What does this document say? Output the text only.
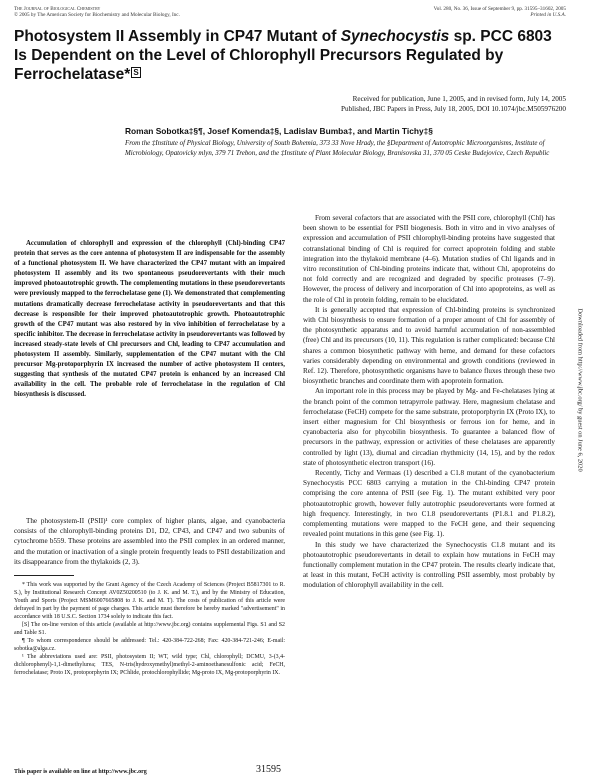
The Journal of Biological Chemistry
© 2005 by The American Society for Biochemistry and Molecular Biology, Inc.
Vol. 280, No. 36, Issue of September 9, pp. 31595–31602, 2005
Printed in U.S.A.
Photosystem II Assembly in CP47 Mutant of Synechocystis sp. PCC 6803 Is Dependent on the Level of Chlorophyll Precursors Regulated by Ferrochelatase* S
Received for publication, June 1, 2005, and in revised form, July 14, 2005
Published, JBC Papers in Press, July 18, 2005, DOI 10.1074/jbc.M505976200
Roman Sobotka‡§¶, Josef Komenda‡§, Ladislav Bumba‡, and Martin Tichy‡§
From the ‡Institute of Physical Biology, University of South Bohemia, 373 33 Nove Hrady, the §Department of Autotrophic Microorganisms, Institute of Microbiology, Opatovicky mlyn, 379 71 Trebon, and the ‡Institute of Plant Molecular Biology, Branisovska 31, 370 05 Ceske Budejovice, Czech Republic

Accumulation of chlorophyll and expression of the chlorophyll (Chl)-binding CP47 protein that serves as the core antenna of photosystem II are indispensable for the assembly of a functional photosystem II. We have characterized the CP47 mutant with an impaired photosystem II assembly and its two spontaneous pseudorevertants with their much improved photoautotrophic growth. The complementing mutations in these pseudorevertants were previously mapped to the ferrochelatase gene (1). We demonstrated that complementing mutations dramatically decrease ferrochelatase activity in pseudorevertants and that this decrease is responsible for their improved photoautotrophic growth. Photoautotrophic growth of the CP47 mutant was also restored by in vivo inhibition of ferrochelatase by a specific inhibitor. The decrease in ferrochelatase activity in pseudorevertants was followed by increased steady-state levels of Chl precursors and Chl, leading to CP47 accumulation and photosystem II assembly. Similarly, supplementation of the CP47 mutant with the Chl precursor Mg-protoporphyrin IX increased the number of active photosystem II centers, suggesting that synthesis of the mutated CP47 protein is enhanced by an increased Chl availability in the cell. The probable role of ferrochelatase in the regulation of Chl biosynthesis is discussed.

The photosystem-II (PSII)¹ core complex of higher plants, algae, and cyanobacteria consists of the chlorophyll-binding proteins D1, D2, CP43, and CP47 and two subunits of cytochrome b559. These proteins are assembled into the PSII complex in an ordered manner, and the mutation or inactivation of a single protein frequently leads to PSII destabilization and its disappearance from the thylakoids (2, 3).

* This work was supported by the Grant Agency of the Czech Academy of Sciences (Project B5817301 to R. S.), by Institutional Research Concept AV0Z50200510 (to J. K. and M. T.), and by the Ministry of Education, Youth and Sports (Project MSM6007665808 to J. K. and M. T). The costs of publication of this article were defrayed in part by the payment of page charges. This article must therefore be hereby marked "advertisement" in accordance with 18 U.S.C. Section 1734 solely to indicate this fact.

[S] The on-line version of this article (available at http://www.jbc.org) contains supplemental Figs. S1 and S2 and Table S1.

¶ To whom correspondence should be addressed: Tel.: 420-384-722-268; Fax: 420-384-721-246; E-mail: sobotka@alga.cz.

¹ The abbreviations used are: PSII, photosystem II; WT, wild type; Chl, chlorophyll; DCMU, 3-(3,4-dichlorophenyl)-1,1-dimethylurea; TES, N-tris(hydroxymethyl)methyl-2-aminoethanesulfonic acid; FeCH, ferrochelatase; Proto IX, protoporphyrin IX; PChlide, protochlorophyllide; Mg-proto IX, Mg-protoporphyrin IX.

From several cofactors that are associated with the PSII core, chlorophyll (Chl) has been shown to be essential for PSII biogenesis. Both in vitro and in vivo analyses of expression and accumulation of PSII chlorophyll-binding proteins have suggested that cotranslational binding of Chl is required for correct apoprotein folding and stable integration into the thylakoid membrane (4–6). Mutation studies of Chl ligands and in vitro reconstitution of Chl-binding proteins indicate that, without Chl, apoproteins do not fold correctly and are recognized and degraded by specific proteases (7–9). However, the process of delivery and incorporation of Chl into apoproteins, as well as the role of Chl in protein folding, remain to be elucidated.

It is generally accepted that expression of Chl-binding proteins is synchronized with Chl biosynthesis to ensure formation of a proper amount of Chl for assembly of the photosynthetic apparatus and to avoid harmful accumulation of non-assembled (free) Chl and its precursors (10, 11). This regulation is rather complicated: because Chl shares a common biosynthetic pathway with heme, and demand for these cofactors varies considerably depending on environmental and growth conditions (reviewed in Ref. 12). Therefore, photosynthetic organisms have to balance fluxes through these two biosynthetic branches and coordinate them with apoprotein formation.

An important role in this process may be played by Mg- and Fe-chelatases lying at the branch point of the common tetrapyrrole pathway. Here, magnesium chelatase and ferrochelatase (FeCH) compete for the same substrate, protoporphyrin IX (Proto IX), to insert either magnesium for Chl biosynthesis or ferrous ion for heme, and in cyanobacteria also for phycobilin biosynthesis. To guarantee a balanced flow of precursors in the pathway, expression or activities of these chelatases are apparently controlled by light (13), diurnal and circadian rhythmicity (14, 15), and by the redox state of photosynthetic electron transport (16).

Recently, Tichy and Vermaas (1) described a C1.8 mutant of the cyanobacterium Synechocystis PCC 6803 carrying a mutation in the Chl-binding CP47 protein comprising the core antenna of PSII (see Fig. 1). The mutant exhibited very poor photoautotrophic growth, however fully autotrophic pseudorevertants were formed at high frequency. Interestingly, in two C1.8 pseudorevertants (P1.8.1 and P1.8.2), complementing mutations were mapped to the FeCH gene, and their sequencing revealed point mutations in this gene (see Fig. 1).

In this study we have characterized the Synechocystis C1.8 mutant and its photoautotrophic pseudorevertants in detail to explain how mutations in FeCH may functionally complement mutation in the CP47 protein. The results clearly indicate that, at least in this mutant, FeCH activity is controlling PSII assembly, most probably by modulation of chlorophyll availability in the cell.

This paper is available on line at http://www.jbc.org	31595
Downloaded from http://www.jbc.org/ by guest on June 6, 2020
